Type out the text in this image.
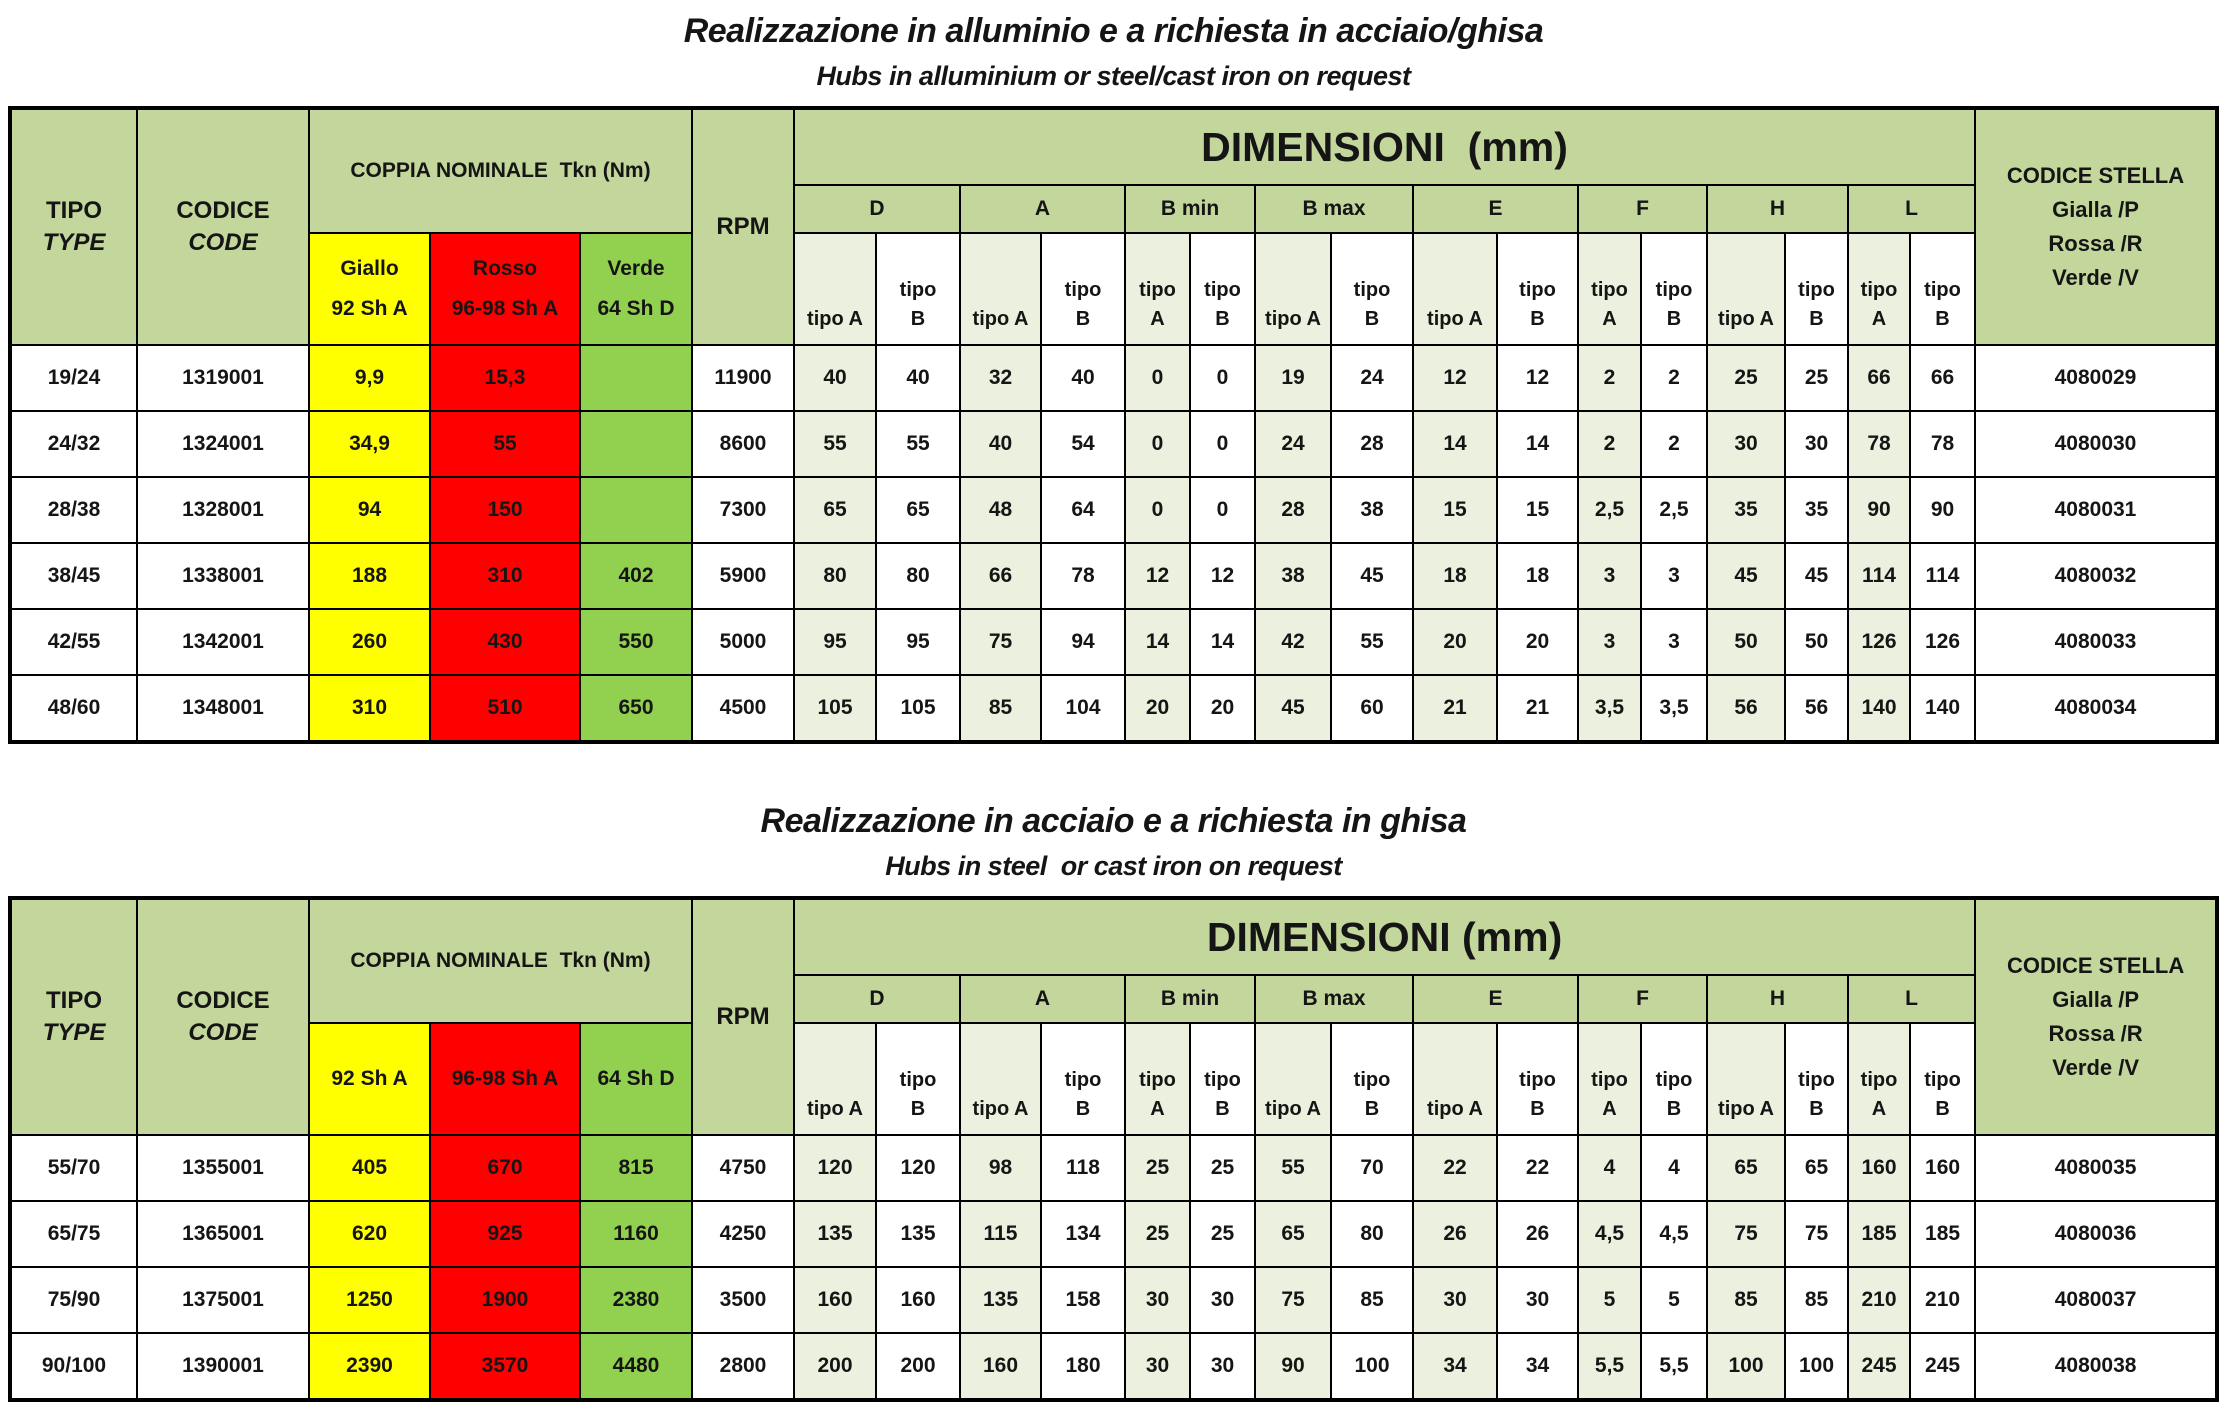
Realizzazione in alluminio e a richiesta in acciaio/ghisa
Hubs in alluminium or steel/cast iron on request
TIPO
TYPE	CODICE
CODE	COPPIA NOMINALE  Tkn (Nm)			RPM	DIMENSIONI  (mm)																CODICE STELLA
Gialla /P
Rossa /R
Verde /V

						D		A		B min		B max		E		F		H		L		

		Giallo
92 Sh A	Rosso
96-98 Sh A	Verde
64 Sh D		tipo A	tipo B	tipo A	tipo B	tipo A	tipo B	tipo A	tipo B	tipo A	tipo B	tipo A	tipo B	tipo A	tipo B	tipo A	tipo B	
19/24	1319001	9,9	15,3		11900	40	40	32	40	0	0	19	24	12	12	2	2	25	25	66	66	4080029
24/32	1324001	34,9	55		8600	55	55	40	54	0	0	24	28	14	14	2	2	30	30	78	78	4080030
28/38	1328001	94	150		7300	65	65	48	64	0	0	28	38	15	15	2,5	2,5	35	35	90	90	4080031
38/45	1338001	188	310	402	5900	80	80	66	78	12	12	38	45	18	18	3	3	45	45	114	114	4080032
42/55	1342001	260	430	550	5000	95	95	75	94	14	14	42	55	20	20	3	3	50	50	126	126	4080033
48/60	1348001	310	510	650	4500	105	105	85	104	20	20	45	60	21	21	3,5	3,5	56	56	140	140	4080034
Realizzazione in acciaio e a richiesta in ghisa
Hubs in steel  or cast iron on request
TIPO
TYPE	CODICE
CODE	COPPIA NOMINALE  Tkn (Nm)			RPM	DIMENSIONI (mm)																CODICE STELLA
Gialla /P
Rossa /R
Verde /V

						D		A		B min		B max		E		F		H		L		

		92 Sh A	96-98 Sh A	64 Sh D		tipo A	tipo B	tipo A	tipo B	tipo A	tipo B	tipo A	tipo B	tipo A	tipo B	tipo A	tipo B	tipo A	tipo B	tipo A	tipo B	
55/70	1355001	405	670	815	4750	120	120	98	118	25	25	55	70	22	22	4	4	65	65	160	160	4080035
65/75	1365001	620	925	1160	4250	135	135	115	134	25	25	65	80	26	26	4,5	4,5	75	75	185	185	4080036
75/90	1375001	1250	1900	2380	3500	160	160	135	158	30	30	75	85	30	30	5	5	85	85	210	210	4080037
90/100	1390001	2390	3570	4480	2800	200	200	160	180	30	30	90	100	34	34	5,5	5,5	100	100	245	245	4080038
